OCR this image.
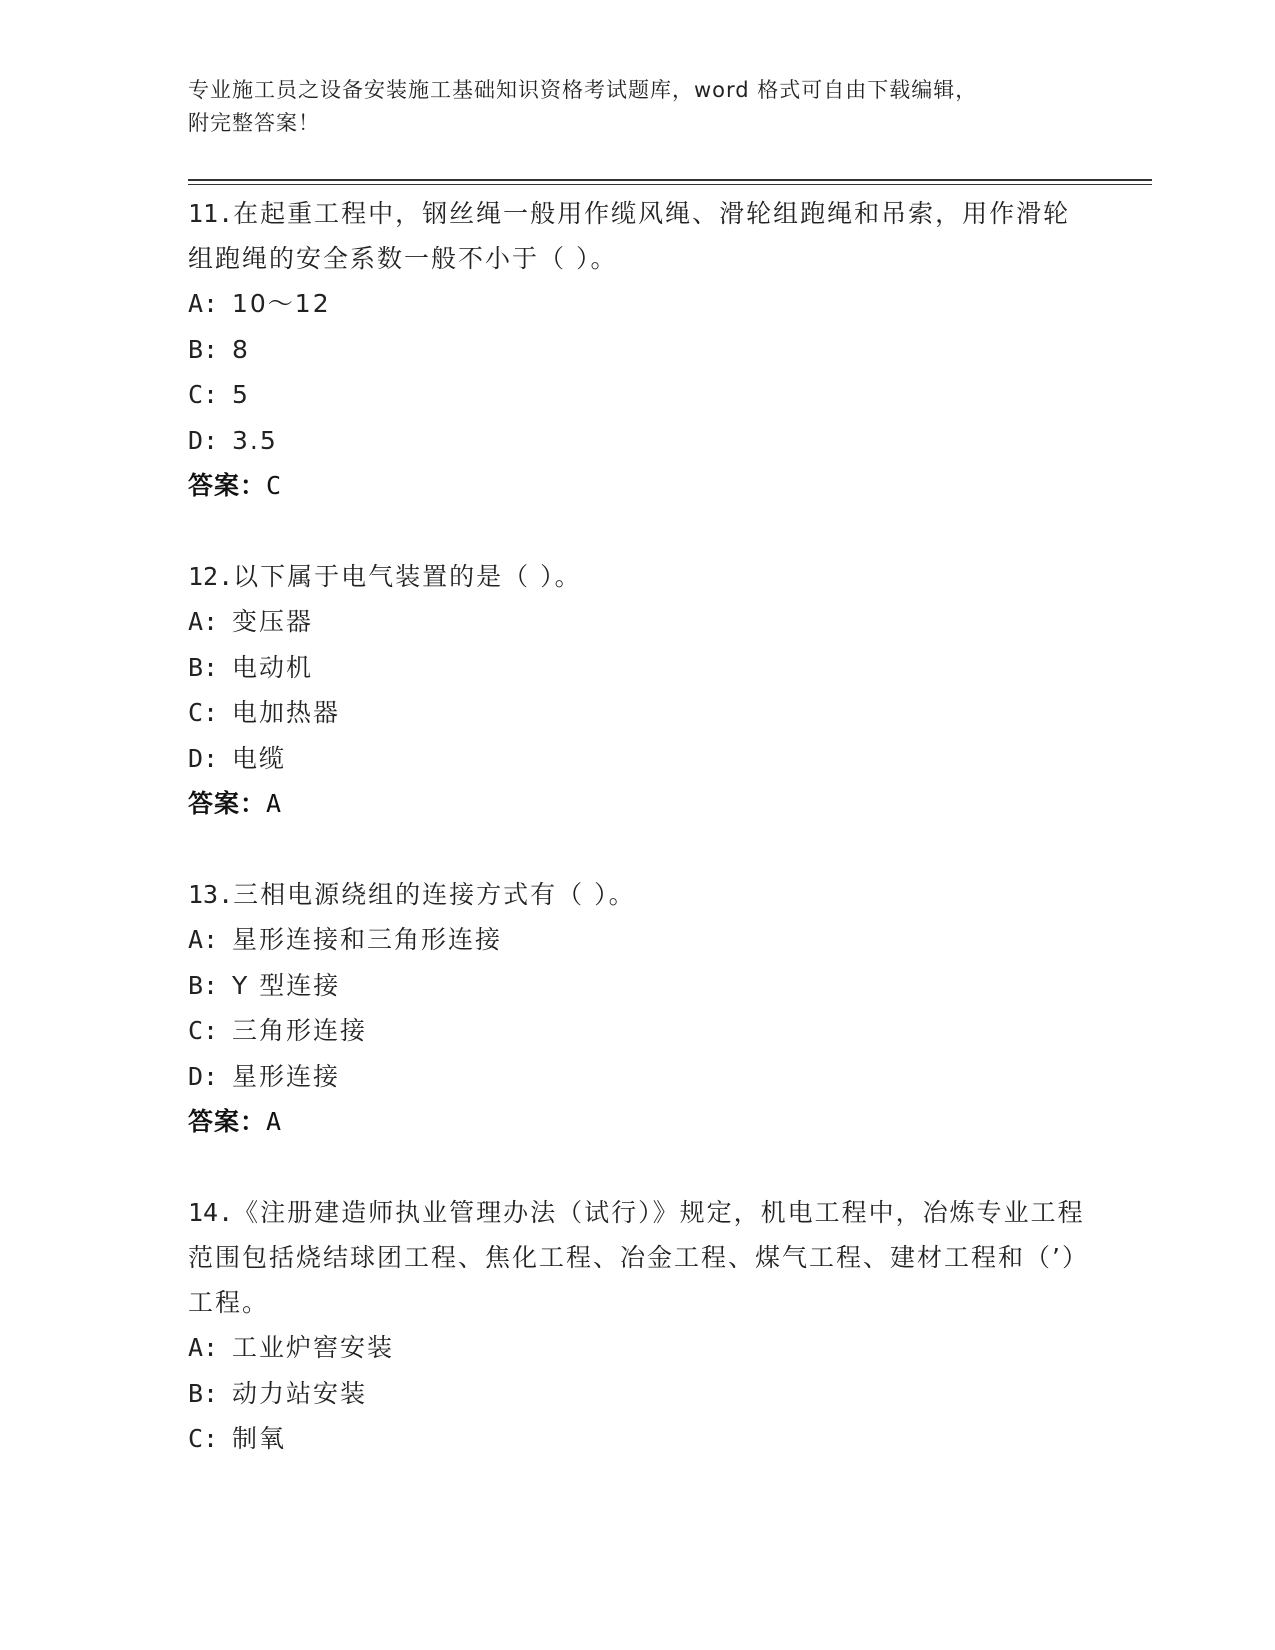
专业施工员之设备安装施工基础知识资格考试题库，word 格式可自由下载编辑，
附完整答案！

11.在起重工程中，钢丝绳一般用作缆风绳、滑轮组跑绳和吊索，用作滑轮组跑绳的安全系数一般不小于（ ）。

A: 10～12
B: 8
C: 5
D: 3.5
答案：C

12.以下属于电气装置的是（ ）。

A: 变压器
B: 电动机
C: 电加热器
D: 电缆
答案：A

13.三相电源绕组的连接方式有（ ）。

A: 星形连接和三角形连接
B: Y 型连接
C: 三角形连接
D: 星形连接
答案：A

14.《注册建造师执业管理办法（试行）》规定，机电工程中，冶炼专业工程范围包括烧结球团工程、焦化工程、冶金工程、煤气工程、建材工程和（’）工程。

A: 工业炉窖安装
B: 动力站安装
C: 制氧
